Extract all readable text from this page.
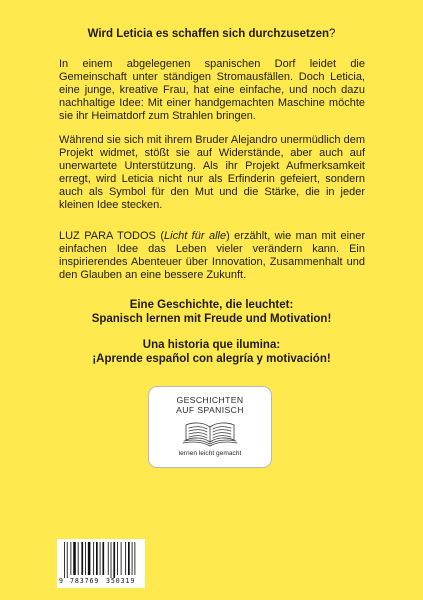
Wird Leticia es schaffen sich durchzusetzen?
In einem abgelegenen spanischen Dorf leidet die Gemeinschaft unter ständigen Stromausfällen. Doch Leticia, eine junge, kreative Frau, hat eine einfache, und noch dazu nachhaltige Idee: Mit einer handgemachten Maschine möchte sie ihr Heimatdorf zum Strahlen bringen.
Während sie sich mit ihrem Bruder Alejandro unermüdlich dem Projekt widmet, stößt sie auf Widerstände, aber auch auf unerwartete Unterstützung. Als ihr Projekt Aufmerksamkeit erregt, wird Leticia nicht nur als Erfinderin gefeiert, sondern auch als Symbol für den Mut und die Stärke, die in jeder kleinen Idee stecken.
LUZ PARA TODOS (Licht für alle) erzählt, wie man mit einer einfachen Idee das Leben vieler verändern kann. Ein inspirierendes Abenteuer über Innovation, Zusammenhalt und den Glauben an eine bessere Zukunft.
Eine Geschichte, die leuchtet:
Spanisch lernen mit Freude und Motivation!
Una historia que ilumina:
¡Aprende español con alegría y motivación!
GESCHICHTEN
AUF SPANISCH
lernen leicht gemacht
9 783769 350319
